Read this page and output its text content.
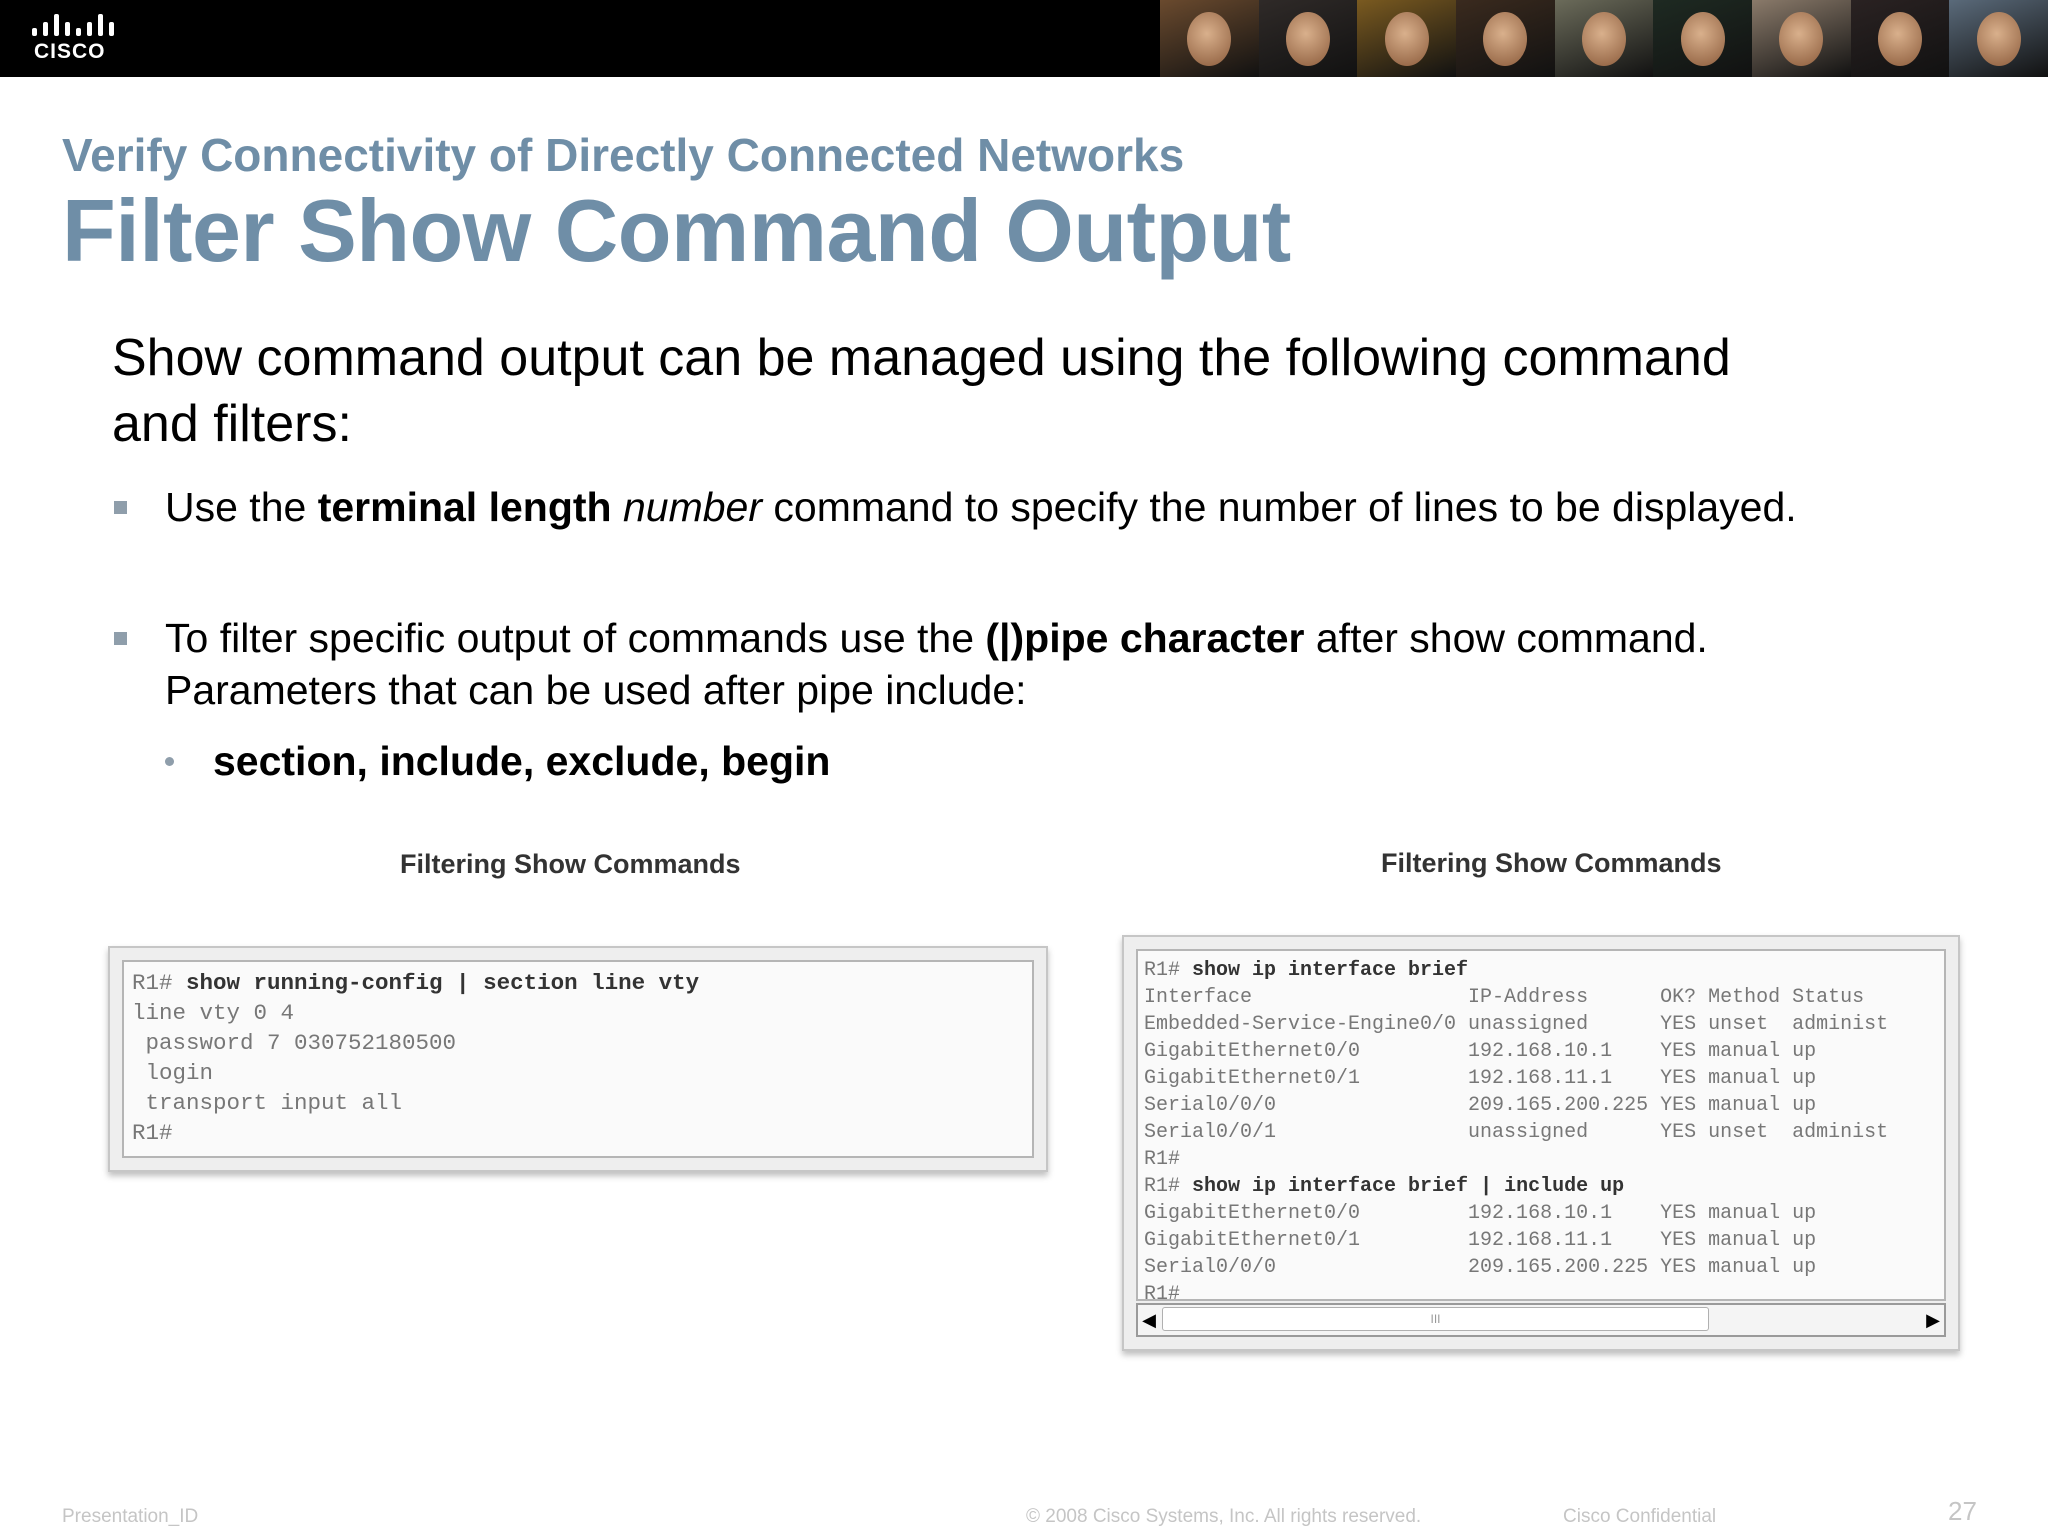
CISCO
Verify Connectivity of Directly Connected Networks
Filter Show Command Output
Show command output can be managed using the following command and filters:
Use the terminal length number command to specify the number of lines to be displayed.
To filter specific output of commands use the (|)pipe character after show command. Parameters that can be used after pipe include:
section, include, exclude, begin
Filtering Show Commands	Filtering Show Commands
R1# show running-config | section line vty
line vty 0 4
password 7 030752180500
login
transport input all
R1#
R1# show ip interface brief
Interface                  IP-Address      OK? Method Status
Embedded-Service-Engine0/0 unassigned      YES unset  administ
GigabitEthernet0/0         192.168.10.1    YES manual up
GigabitEthernet0/1         192.168.11.1    YES manual up
Serial0/0/0                209.165.200.225 YES manual up
Serial0/0/1                unassigned      YES unset  administ
R1#
R1# show ip interface brief | include up
GigabitEthernet0/0         192.168.10.1    YES manual up
GigabitEthernet0/1         192.168.11.1    YES manual up
Serial0/0/0                209.165.200.225 YES manual up
R1#
◀	III	▶
Presentation_ID	© 2008 Cisco Systems, Inc. All rights reserved.	Cisco Confidential	27
